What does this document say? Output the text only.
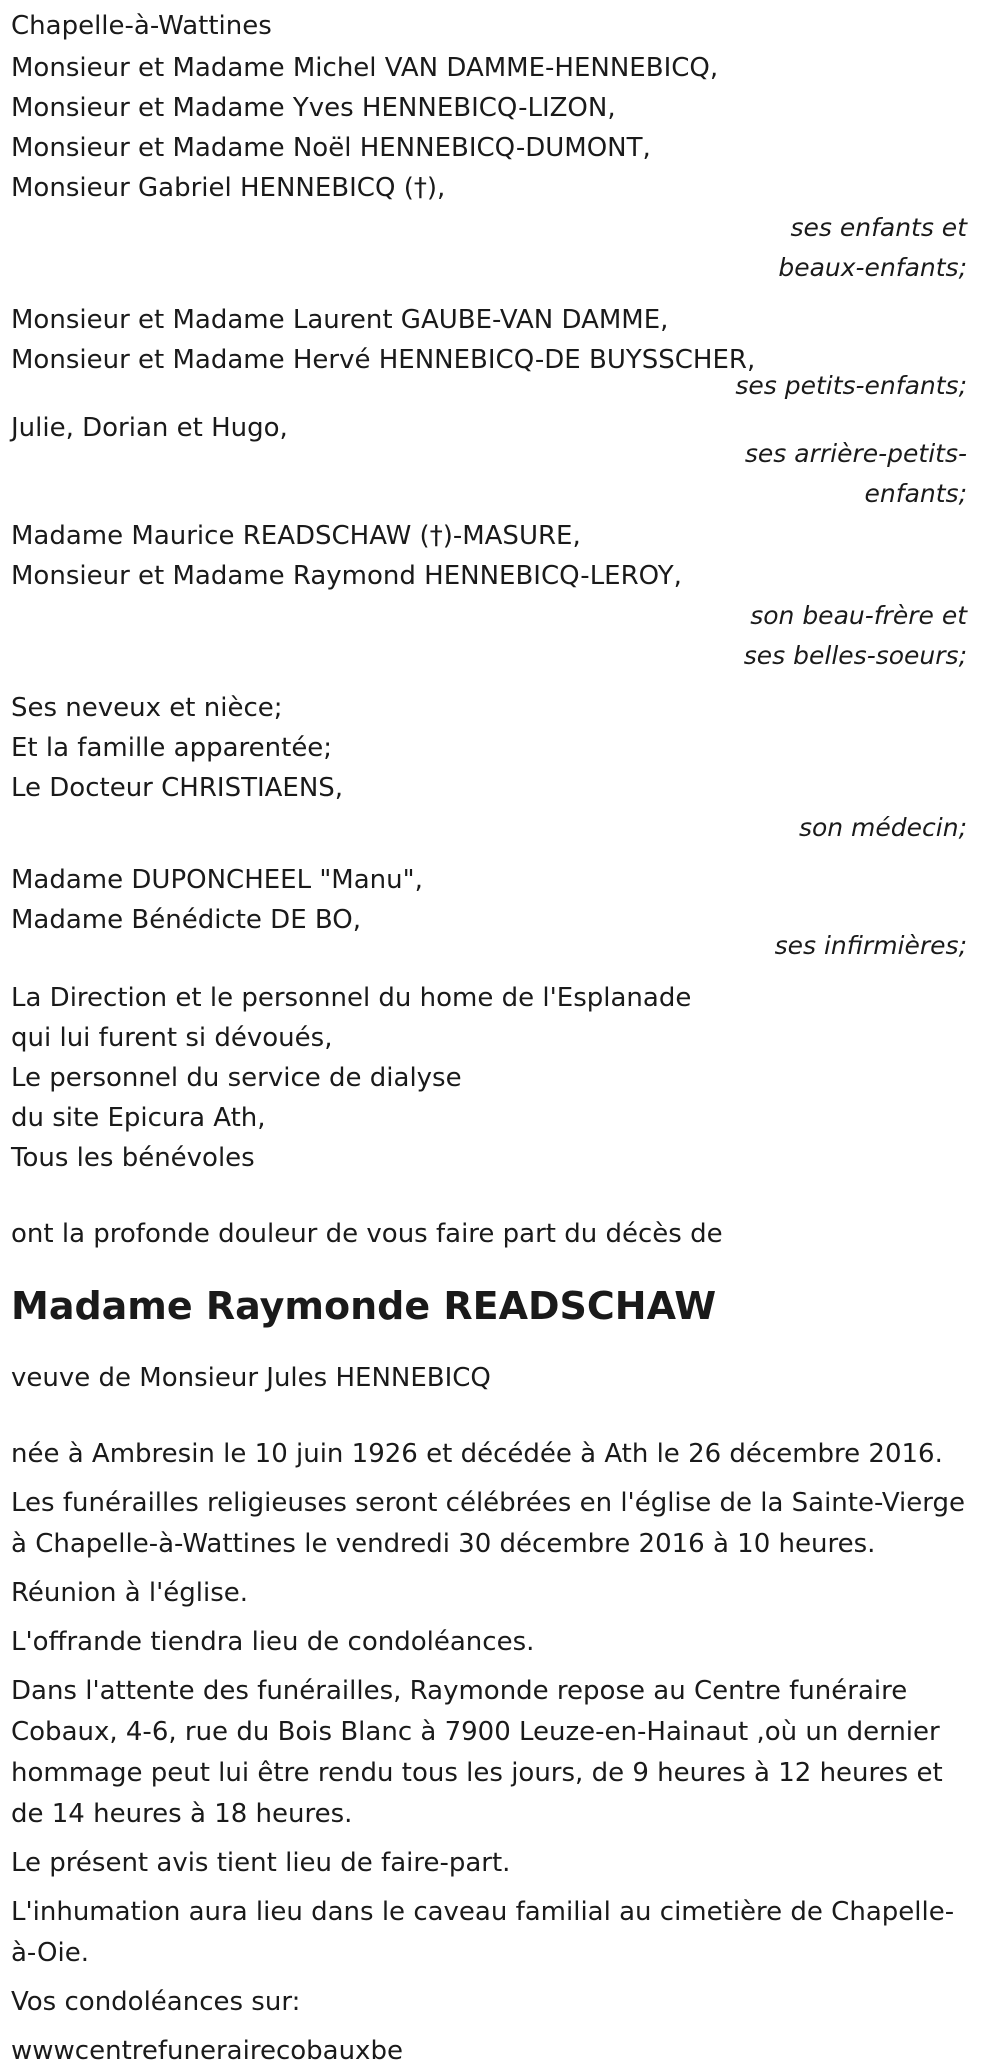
Chapelle-à-Wattines
Monsieur et Madame Michel VAN DAMME-HENNEBICQ,
Monsieur et Madame Yves HENNEBICQ-LIZON,
Monsieur et Madame Noël HENNEBICQ-DUMONT,
Monsieur Gabriel HENNEBICQ (†),
ses enfants et
beaux-enfants;
Monsieur et Madame Laurent GAUBE-VAN DAMME,
Monsieur et Madame Hervé HENNEBICQ-DE BUYSSCHER,
ses petits-enfants;
Julie, Dorian et Hugo,
ses arrière-petits-
enfants;
Madame Maurice READSCHAW (†)-MASURE,
Monsieur et Madame Raymond HENNEBICQ-LEROY,
son beau-frère et
ses belles-soeurs;
Ses neveux et nièce;
Et la famille apparentée;
Le Docteur CHRISTIAENS,
son médecin;
Madame DUPONCHEEL "Manu",
Madame Bénédicte DE BO,
ses infirmières;
La Direction et le personnel du home de l'Esplanade
qui lui furent si dévoués,
Le personnel du service de dialyse
du site Epicura Ath,
Tous les bénévoles
ont la profonde douleur de vous faire part du décès de
Madame Raymonde READSCHAW
veuve de Monsieur Jules HENNEBICQ
née à Ambresin le 10 juin 1926 et décédée à Ath le 26 décembre 2016.
Les funérailles religieuses seront célébrées en l'église de la Sainte-Vierge à Chapelle-à-Wattines le vendredi 30 décembre 2016 à 10 heures.
Réunion à l'église.
L'offrande tiendra lieu de condoléances.
Dans l'attente des funérailles, Raymonde repose au Centre funéraire Cobaux, 4-6, rue du Bois Blanc à 7900 Leuze-en-Hainaut ,où un dernier hommage peut lui être rendu tous les jours, de 9 heures à 12 heures et de 14 heures à 18 heures.
Le présent avis tient lieu de faire-part.
L'inhumation aura lieu dans le caveau familial au cimetière de Chapelle-à-Oie.
Vos condoléances sur:
wwwcentrefunerairecobauxbe
